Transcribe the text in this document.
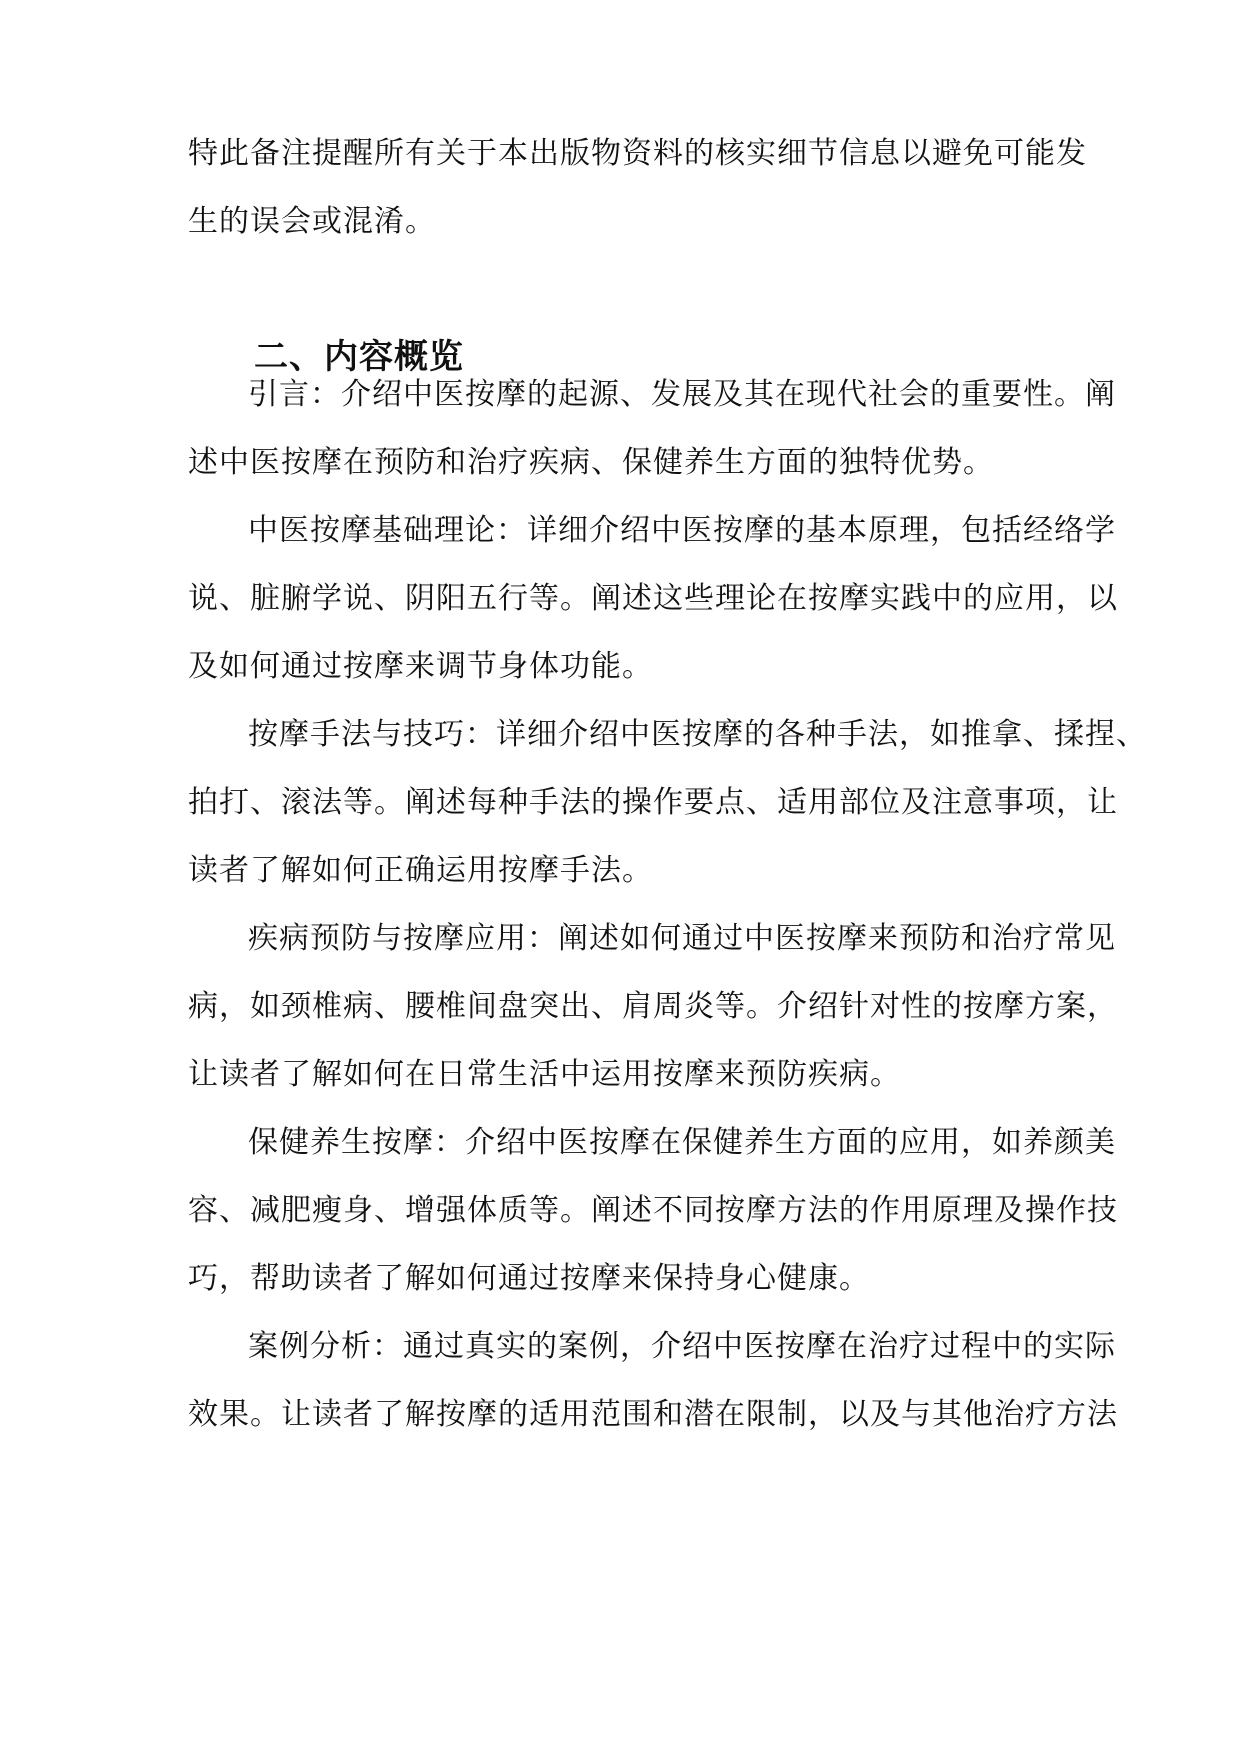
特此备注提醒所有关于本出版物资料的核实细节信息以避免可能发
生的误会或混淆。
二、内容概览
引言：介绍中医按摩的起源、发展及其在现代社会的重要性。阐
述中医按摩在预防和治疗疾病、保健养生方面的独特优势。
中医按摩基础理论：详细介绍中医按摩的基本原理，包括经络学
说、脏腑学说、阴阳五行等。阐述这些理论在按摩实践中的应用，以
及如何通过按摩来调节身体功能。
按摩手法与技巧：详细介绍中医按摩的各种手法，如推拿、揉捏、
拍打、滚法等。阐述每种手法的操作要点、适用部位及注意事项，让
读者了解如何正确运用按摩手法。
疾病预防与按摩应用：阐述如何通过中医按摩来预防和治疗常见
病，如颈椎病、腰椎间盘突出、肩周炎等。介绍针对性的按摩方案，
让读者了解如何在日常生活中运用按摩来预防疾病。
保健养生按摩：介绍中医按摩在保健养生方面的应用，如养颜美
容、减肥瘦身、增强体质等。阐述不同按摩方法的作用原理及操作技
巧，帮助读者了解如何通过按摩来保持身心健康。
案例分析：通过真实的案例，介绍中医按摩在治疗过程中的实际
效果。让读者了解按摩的适用范围和潜在限制，以及与其他治疗方法
